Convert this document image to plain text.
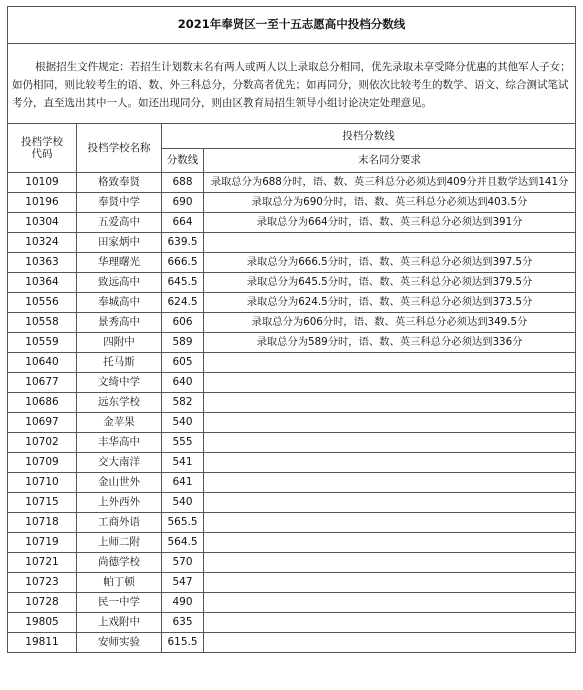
2021年奉贤区一至十五志愿高中投档分数线			

根据招生文件规定：若招生计划数末名有两人或两人以上录取总分相同，优先录取未享受降分优惠的其他军人子女；如仍相同，则比较考生的语、数、外三科总分，分数高者优先；如再同分，则依次比较考生的数学、语文、综合测试笔试考分，直至选出其中一人。如还出现同分，则由区教育局招生领导小组讨论决定处理意见。			

投档学校代码	投档学校名称	投档分数线	
		分数线	末名同分要求
10109	格致奉贤	688	录取总分为688分时，语、数、英三科总分必须达到409分并且数学达到141分
10196	奉贤中学	690	录取总分为690分时，语、数、英三科总分必须达到403.5分
10304	五爱高中	664	录取总分为664分时，语、数、英三科总分必须达到391分
10324	田家炳中	639.5	
10363	华理曙光	666.5	录取总分为666.5分时，语、数、英三科总分必须达到397.5分
10364	致远高中	645.5	录取总分为645.5分时，语、数、英三科总分必须达到379.5分
10556	奉城高中	624.5	录取总分为624.5分时，语、数、英三科总分必须达到373.5分
10558	景秀高中	606	录取总分为606分时，语、数、英三科总分必须达到349.5分
10559	四附中	589	录取总分为589分时，语、数、英三科总分必须达到336分
10640	托马斯	605	
10677	文绮中学	640	
10686	远东学校	582	
10697	金苹果	540	
10702	丰华高中	555	
10709	交大南洋	541	
10710	金山世外	641	
10715	上外西外	540	
10718	工商外语	565.5	
10719	上师二附	564.5	
10721	尚德学校	570	
10723	帕丁顿	547	
10728	民一中学	490	
19805	上戏附中	635	
19811	安师实验	615.5	
